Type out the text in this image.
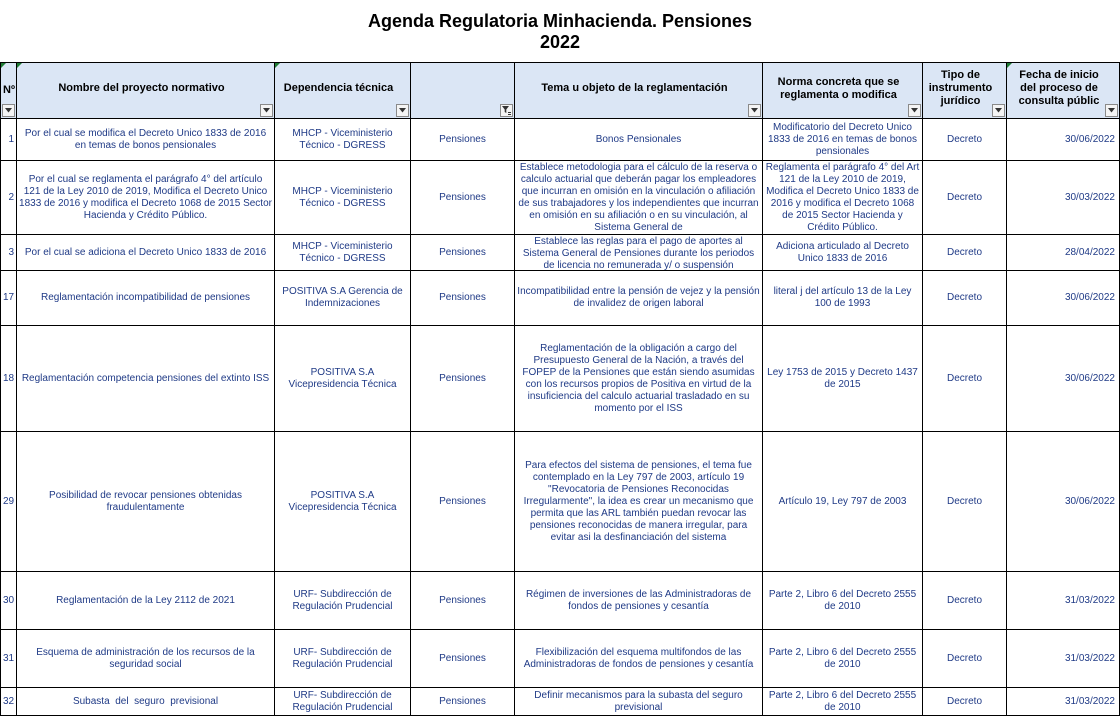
Agenda Regulatoria Minhacienda. Pensiones
2022
Nº	Nombre del proyecto normativo	Dependencia técnica		Tema u objeto de la reglamentación	Norma concreta que se reglamenta o modifica	Tipo de instrumento jurídico	Fecha de inicio del proceso de consulta públic

1	Por el cual se modifica el Decreto Unico 1833 de 2016 en temas de bonos pensionales	MHCP - Viceministerio Técnico - DGRESS	Pensiones	Bonos Pensionales	Modificatorio del Decreto Unico 1833 de 2016 en temas de bonos pensionales	Decreto	30/06/2022
2	Por el cual se reglamenta el parágrafo 4° del artículo 121 de la Ley 2010 de 2019, Modifica el Decreto Unico 1833 de 2016 y modifica el Decreto 1068 de 2015 Sector Hacienda y Crédito Público.	MHCP - Viceministerio Técnico - DGRESS	Pensiones	Establece metodologia para el cálculo de la reserva o calculo actuarial que deberán pagar los empleadores que incurran en omisión en la vinculación o afiliación de sus trabajadores y los independientes que incurran en omisión en su afiliación o en su vinculación, al Sistema General de	Reglamenta el parágrafo 4° del Art 121 de la Ley 2010 de 2019, Modifica el Decreto Unico 1833 de 2016 y modifica el Decreto 1068 de 2015 Sector Hacienda y Crédito Público.	Decreto	30/03/2022
3	Por el cual se adiciona el Decreto Unico 1833 de 2016	MHCP - Viceministerio Técnico - DGRESS	Pensiones	Establece las reglas para el pago de aportes al Sistema General de Pensiones durante los periodos de licencia no remunerada y/ o suspensión	Adiciona articulado al Decreto Unico 1833 de 2016	Decreto	28/04/2022
17	Reglamentación incompatibilidad de pensiones	POSITIVA S.A Gerencia de Indemnizaciones	Pensiones	Incompatibilidad entre la pensión de vejez y la pensión de invalidez de origen laboral	literal j del artículo 13 de la Ley 100 de 1993	Decreto	30/06/2022
18	Reglamentación competencia pensiones del extinto ISS	POSITIVA S.A Vicepresidencia Técnica	Pensiones	Reglamentación de la obligación a cargo del Presupuesto General de la Nación, a través del FOPEP de la Pensiones que están siendo asumidas con los recursos propios de Positiva en virtud de la insuficiencia del calculo actuarial trasladado en su momento por el ISS	Ley 1753 de 2015 y Decreto 1437 de 2015	Decreto	30/06/2022
29	Posibilidad de revocar pensiones obtenidas fraudulentamente	POSITIVA S.A Vicepresidencia Técnica	Pensiones	Para efectos del sistema de pensiones, el tema fue contemplado en la Ley 797 de 2003, artículo 19 "Revocatoria de Pensiones Reconocidas Irregularmente", la idea es crear un mecanismo que permita que las ARL también puedan revocar las pensiones reconocidas de manera irregular, para evitar asi la desfinanciación del sistema	Artículo 19, Ley 797 de 2003	Decreto	30/06/2022
30	Reglamentación de la Ley 2112 de 2021	URF- Subdirección de Regulación Prudencial	Pensiones	Régimen de inversiones de las Administradoras de fondos de pensiones y cesantía	Parte 2, Libro 6 del Decreto 2555 de 2010	Decreto	31/03/2022
31	Esquema de administración de los recursos de la seguridad social	URF- Subdirección de Regulación Prudencial	Pensiones	Flexibilización del esquema multifondos de las Administradoras de fondos de pensiones y cesantía	Parte 2, Libro 6 del Decreto 2555 de 2010	Decreto	31/03/2022
32	Subasta  del  seguro  previsional	URF- Subdirección de Regulación Prudencial	Pensiones	Definir mecanismos para la subasta del seguro previsional	Parte 2, Libro 6 del Decreto 2555 de 2010	Decreto	31/03/2022
